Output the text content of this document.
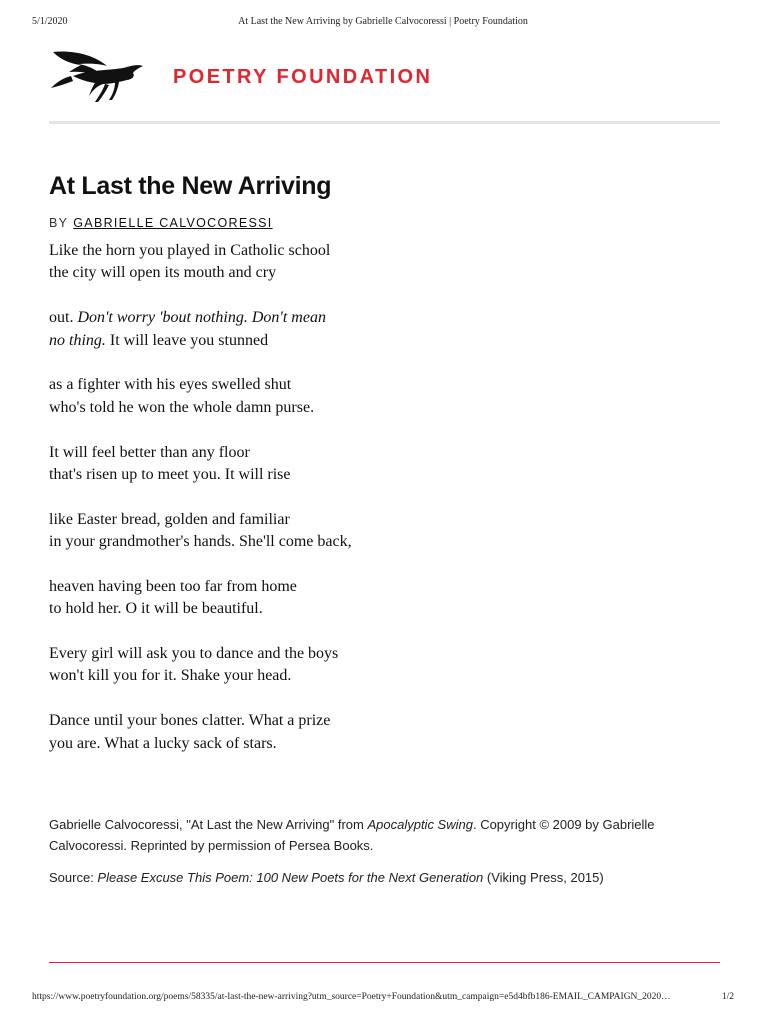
5/1/2020	At Last the New Arriving by Gabrielle Calvocoressi | Poetry Foundation
POETRY FOUNDATION
At Last the New Arriving
BY GABRIELLE CALVOCORESSI
Like the horn you played in Catholic school
the city will open its mouth and cry
out. Don't worry 'bout nothing. Don't mean
no thing. It will leave you stunned
as a fighter with his eyes swelled shut
who's told he won the whole damn purse.
It will feel better than any floor
that's risen up to meet you. It will rise
like Easter bread, golden and familiar
in your grandmother's hands. She'll come back,
heaven having been too far from home
to hold her. O it will be beautiful.
Every girl will ask you to dance and the boys
won't kill you for it. Shake your head.
Dance until your bones clatter. What a prize
you are. What a lucky sack of stars.
Gabrielle Calvocoressi, "At Last the New Arriving" from Apocalyptic Swing. Copyright © 2009 by Gabrielle
Calvocoressi. Reprinted by permission of Persea Books.
Source: Please Excuse This Poem: 100 New Poets for the Next Generation (Viking Press, 2015)
https://www.poetryfoundation.org/poems/58335/at-last-the-new-arriving?utm_source=Poetry+Foundation&utm_campaign=e5d4bfb186-EMAIL_CAMPAIGN_2020…	1/2
